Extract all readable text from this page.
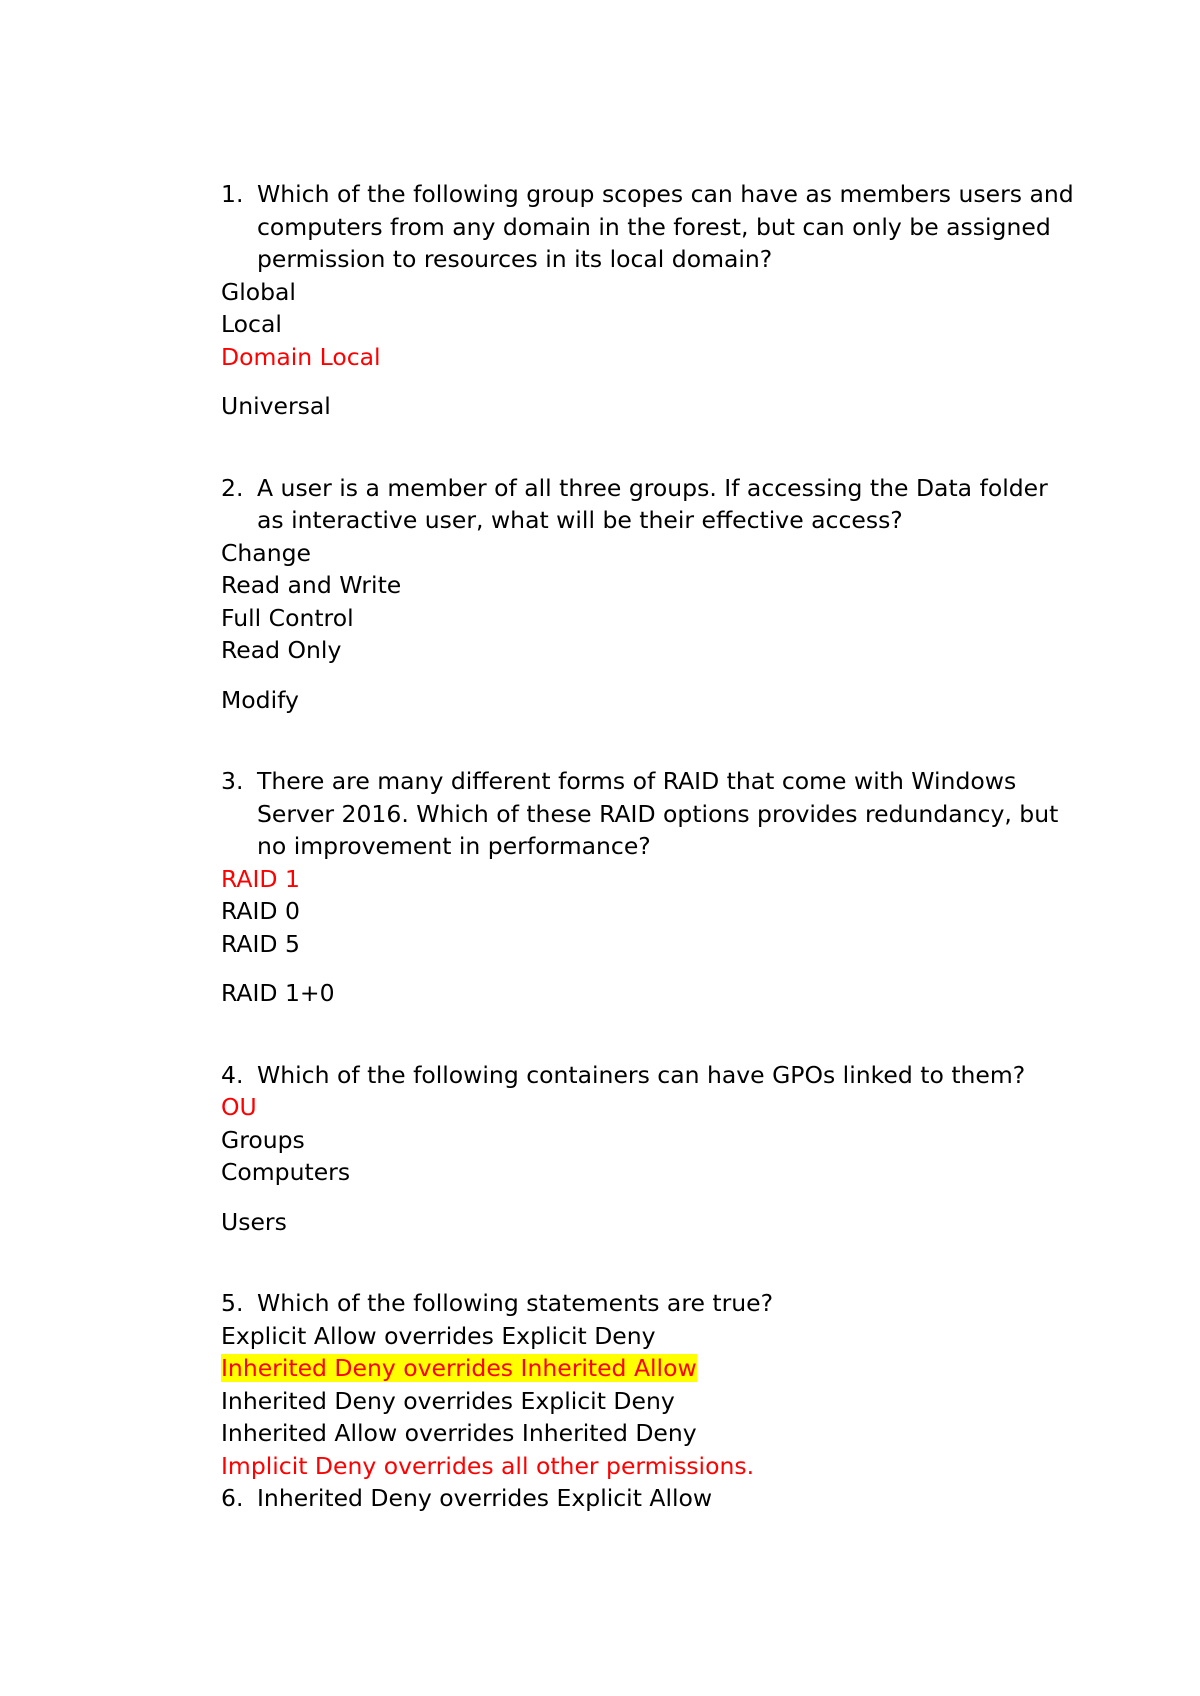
1. Which of the following group scopes can have as members users and computers from any domain in the forest, but can only be assigned permission to resources in its local domain?
Global
Local
Domain Local
Universal
2. A user is a member of all three groups. If accessing the Data folder as interactive user, what will be their effective access?
Change
Read and Write
Full Control
Read Only
Modify
3. There are many different forms of RAID that come with Windows Server 2016. Which of these RAID options provides redundancy, but no improvement in performance?
RAID 1
RAID 0
RAID 5
RAID 1+0
4. Which of the following containers can have GPOs linked to them?
OU
Groups
Computers
Users
5. Which of the following statements are true?
Explicit Allow overrides Explicit Deny
Inherited Deny overrides Inherited Allow
Inherited Deny overrides Explicit Deny
Inherited Allow overrides Inherited Deny
Implicit Deny overrides all other permissions.
6. Inherited Deny overrides Explicit Allow
